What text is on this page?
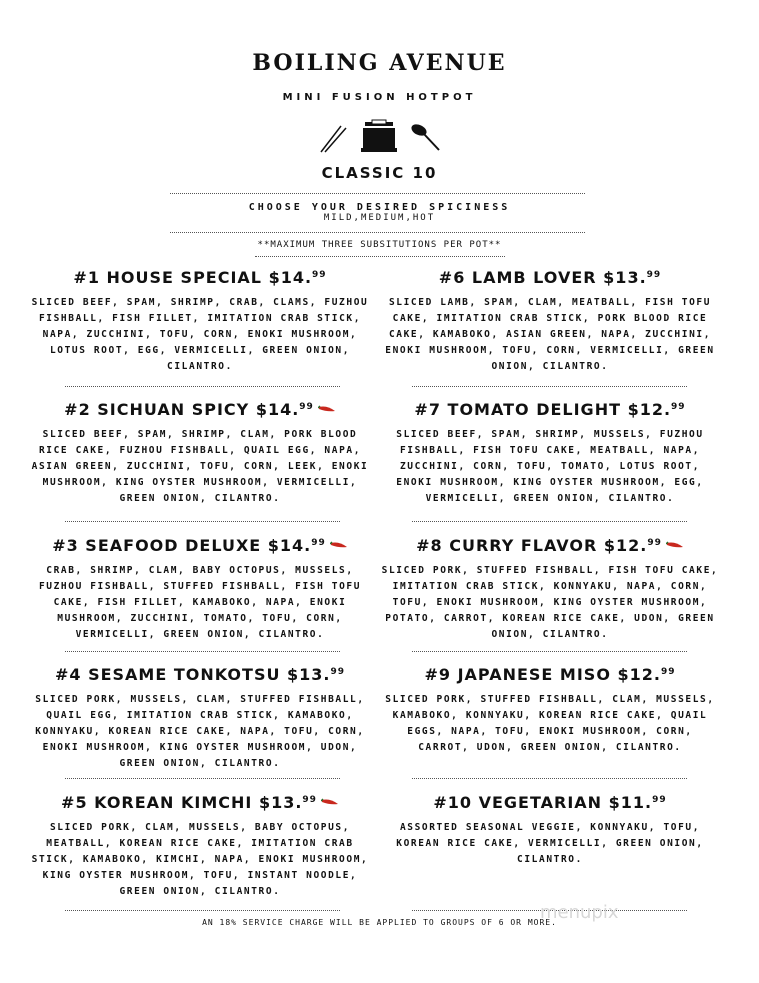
BOILING AVENUE
MINI FUSION HOTPOT
CLASSIC 10
CHOOSE YOUR DESIRED SPICINESS
MILD,MEDIUM,HOT
**MAXIMUM THREE SUBSITUTIONS PER POT**
#1 HOUSE SPECIAL $14.99
SLICED BEEF, SPAM, SHRIMP, CRAB, CLAMS, FUZHOU FISHBALL, FISH FILLET, IMITATION CRAB STICK, NAPA, ZUCCHINI, TOFU, CORN, ENOKI MUSHROOM, LOTUS ROOT, EGG, VERMICELLI, GREEN ONION, CILANTRO.
#2 SICHUAN SPICY $14.99
SLICED BEEF, SPAM, SHRIMP, CLAM, PORK BLOOD RICE CAKE, FUZHOU FISHBALL, QUAIL EGG, NAPA, ASIAN GREEN, ZUCCHINI, TOFU, CORN, LEEK, ENOKI MUSHROOM, KING OYSTER MUSHROOM, VERMICELLI, GREEN ONION, CILANTRO.
#3 SEAFOOD DELUXE $14.99
CRAB, SHRIMP, CLAM, BABY OCTOPUS, MUSSELS, FUZHOU FISHBALL, STUFFED FISHBALL, FISH TOFU CAKE, FISH FILLET, KAMABOKO, NAPA, ENOKI MUSHROOM, ZUCCHINI, TOMATO, TOFU, CORN, VERMICELLI, GREEN ONION, CILANTRO.
#4 SESAME TONKOTSU $13.99
SLICED PORK, MUSSELS, CLAM, STUFFED FISHBALL, QUAIL EGG, IMITATION CRAB STICK, KAMABOKO, KONNYAKU, KOREAN RICE CAKE, NAPA, TOFU, CORN, ENOKI MUSHROOM, KING OYSTER MUSHROOM, UDON, GREEN ONION, CILANTRO.
#5 KOREAN KIMCHI $13.99
SLICED PORK, CLAM, MUSSELS, BABY OCTOPUS, MEATBALL, KOREAN RICE CAKE, IMITATION CRAB STICK, KAMABOKO, KIMCHI, NAPA, ENOKI MUSHROOM, KING OYSTER MUSHROOM, TOFU, INSTANT NOODLE, GREEN ONION, CILANTRO.
#6 LAMB LOVER $13.99
SLICED LAMB, SPAM, CLAM, MEATBALL, FISH TOFU CAKE, IMITATION CRAB STICK, PORK BLOOD RICE CAKE, KAMABOKO, ASIAN GREEN, NAPA, ZUCCHINI, ENOKI MUSHROOM, TOFU, CORN, VERMICELLI, GREEN ONION, CILANTRO.
#7 TOMATO DELIGHT $12.99
SLICED BEEF, SPAM, SHRIMP, MUSSELS, FUZHOU FISHBALL, FISH TOFU CAKE, MEATBALL, NAPA, ZUCCHINI, CORN, TOFU, TOMATO, LOTUS ROOT, ENOKI MUSHROOM, KING OYSTER MUSHROOM, EGG, VERMICELLI, GREEN ONION, CILANTRO.
#8 CURRY FLAVOR $12.99
SLICED PORK, STUFFED FISHBALL, FISH TOFU CAKE, IMITATION CRAB STICK, KONNYAKU, NAPA, CORN, TOFU, ENOKI MUSHROOM, KING OYSTER MUSHROOM, POTATO, CARROT, KOREAN RICE CAKE, UDON, GREEN ONION, CILANTRO.
#9 JAPANESE MISO $12.99
SLICED PORK, STUFFED FISHBALL, CLAM, MUSSELS, KAMABOKO, KONNYAKU, KOREAN RICE CAKE, QUAIL EGGS, NAPA, TOFU, ENOKI MUSHROOM, CORN, CARROT, UDON, GREEN ONION, CILANTRO.
#10 VEGETARIAN $11.99
ASSORTED SEASONAL VEGGIE, KONNYAKU, TOFU, KOREAN RICE CAKE, VERMICELLI, GREEN ONION, CILANTRO.
AN 18% SERVICE CHARGE WILL BE APPLIED TO GROUPS OF 6 OR MORE.
menupix
